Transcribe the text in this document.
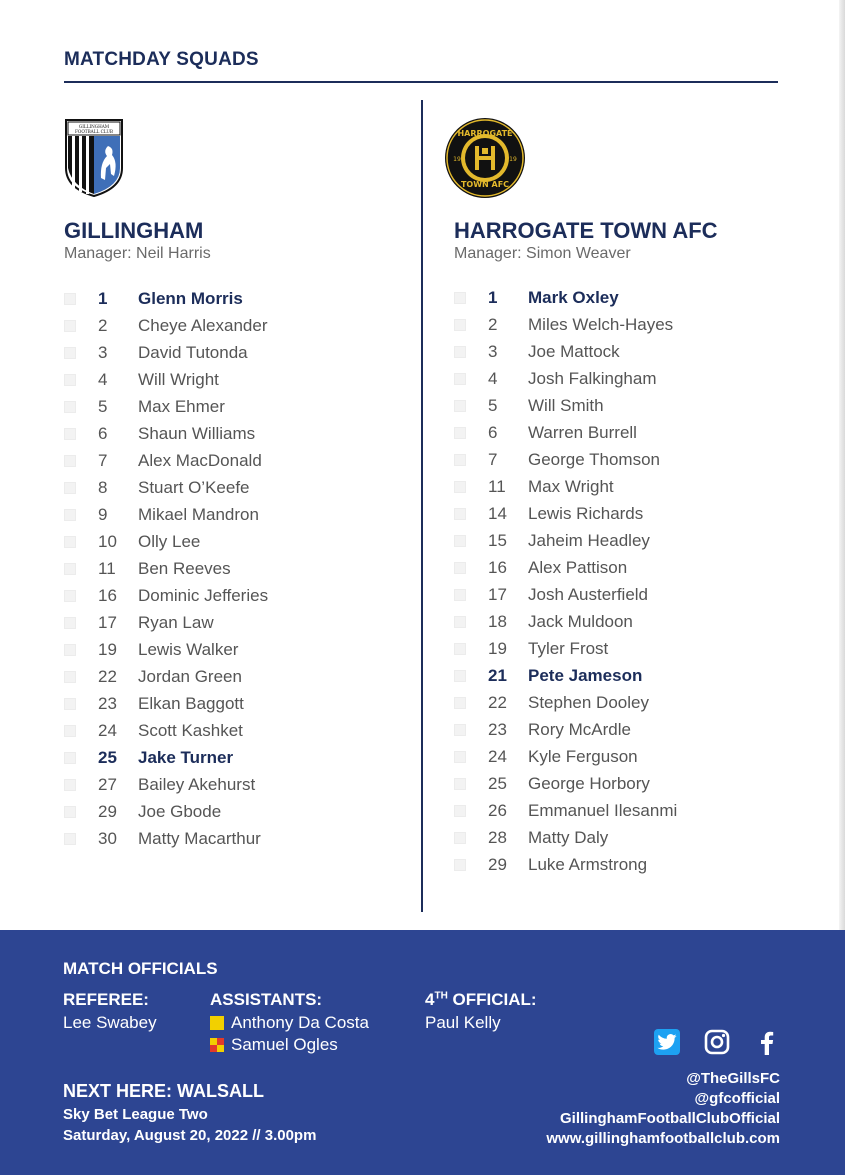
MATCHDAY SQUADS
GILLINGHAM
FOOTBALL CLUB	HARROGATE
TOWN AFC
19	19
GILLINGHAM
Manager: Neil Harris
HARROGATE TOWN AFC
Manager: Simon Weaver
1	Glenn Morris
2	Cheye Alexander
3	David Tutonda
4	Will Wright
5	Max Ehmer
6	Shaun Williams
7	Alex MacDonald
8	Stuart O’Keefe
9	Mikael Mandron
10	Olly Lee
11	Ben Reeves
16	Dominic Jefferies
17	Ryan Law
19	Lewis Walker
22	Jordan Green
23	Elkan Baggott
24	Scott Kashket
25	Jake Turner
27	Bailey Akehurst
29	Joe Gbode
30	Matty Macarthur
1	Mark Oxley
2	Miles Welch-Hayes
3	Joe Mattock
4	Josh Falkingham
5	Will Smith
6	Warren Burrell
7	George Thomson
11	Max Wright
14	Lewis Richards
15	Jaheim Headley
16	Alex Pattison
17	Josh Austerfield
18	Jack Muldoon
19	Tyler Frost
21	Pete Jameson
22	Stephen Dooley
23	Rory McArdle
24	Kyle Ferguson
25	George Horbory
26	Emmanuel Ilesanmi
28	Matty Daly
29	Luke Armstrong
MATCH OFFICIALS
REFEREE:
Lee Swabey
ASSISTANTS:
Anthony Da Costa
Samuel Ogles
4TH OFFICIAL:
Paul Kelly
NEXT HERE: WALSALL
Sky Bet League Two
Saturday, August 20, 2022 // 3.00pm
@TheGillsFC
@gfcofficial
GillinghamFootballClubOfficial
www.gillinghamfootballclub.com
